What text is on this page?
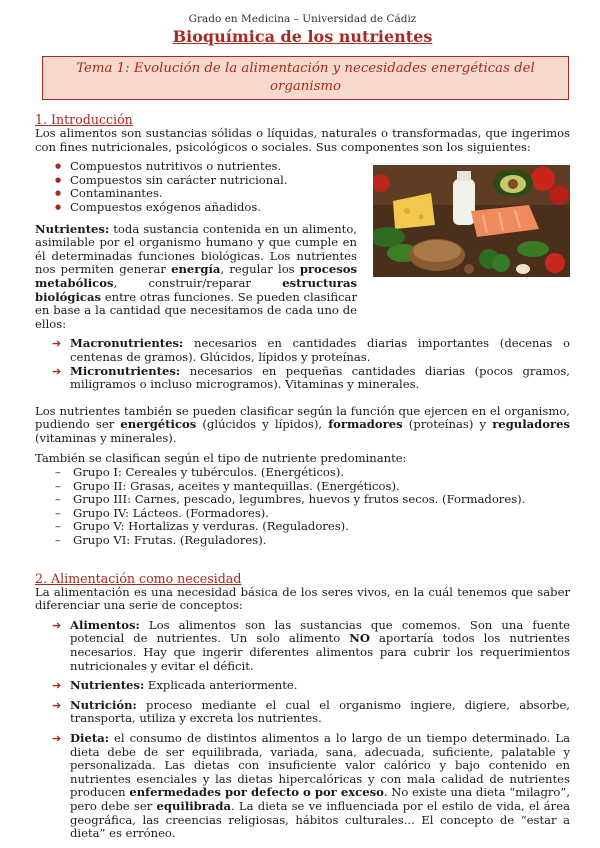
Grado en Medicina – Universidad de Cádiz
Bioquímica de los nutrientes
Tema 1: Evolución de la alimentación y necesidades energéticas del organismo
1. Introducción

Los alimentos son sustancias sólidas o líquidas, naturales o transformadas, que ingerimos con fines nutricionales, psicológicos o sociales. Sus componentes son los siguientes:

● Compuestos nutritivos o nutrientes.
● Compuestos sin carácter nutricional.
● Contaminantes.
● Compuestos exógenos añadidos.

Nutrientes: toda sustancia contenida en un alimento, asimilable por el organismo humano y que cumple en él determinadas funciones biológicas. Los nutrientes nos permiten generar energía, regular los procesos metabólicos, construir/reparar estructuras biológicas entre otras funciones. Se pueden clasificar en base a la cantidad que necesitamos de cada uno de ellos:

➔ Macronutrientes: necesarios en cantidades diarias importantes (decenas o centenas de gramos). Glúcidos, lípidos y proteínas.
➔ Micronutrientes: necesarios en pequeñas cantidades diarias (pocos gramos, miligramos o incluso microgramos). Vitaminas y minerales.

Los nutrientes también se pueden clasificar según la función que ejercen en el organismo, pudiendo ser energéticos (glúcidos y lípidos), formadores (proteínas) y reguladores (vitaminas y minerales).

También se clasifican según el tipo de nutriente predominante:

– Grupo I: Cereales y tubérculos. (Energéticos).
– Grupo II: Grasas, aceites y mantequillas. (Energéticos).
– Grupo III: Carnes, pescado, legumbres, huevos y frutos secos. (Formadores).
– Grupo IV: Lácteos. (Formadores).
– Grupo V: Hortalizas y verduras. (Reguladores).
– Grupo VI: Frutas. (Reguladores).
2. Alimentación como necesidad

La alimentación es una necesidad básica de los seres vivos, en la cuál tenemos que saber diferenciar una serie de conceptos:

➔ Alimentos: Los alimentos son las sustancias que comemos. Son una fuente potencial de nutrientes. Un solo alimento NO aportaría todos los nutrientes necesarios. Hay que ingerir diferentes alimentos para cubrir los requerimientos nutricionales y evitar el déficit.
➔ Nutrientes: Explicada anteriormente.
➔ Nutrición: proceso mediante el cual el organismo ingiere, digiere, absorbe, transporta, utiliza y excreta los nutrientes.
➔ Dieta: el consumo de distintos alimentos a lo largo de un tiempo determinado. La dieta debe de ser equilibrada, variada, sana, adecuada, suficiente, palatable y personalizada. Las dietas con insuficiente valor calórico y bajo contenido en nutrientes esenciales y las dietas hipercalóricas y con mala calidad de nutrientes producen enfermedades por defecto o por exceso. No existe una dieta “milagro”, pero debe ser equilibrada. La dieta se ve influenciada por el estilo de vida, el área geográfica, las creencias religiosas, hábitos culturales... El concepto de “estar a dieta” es erróneo.
